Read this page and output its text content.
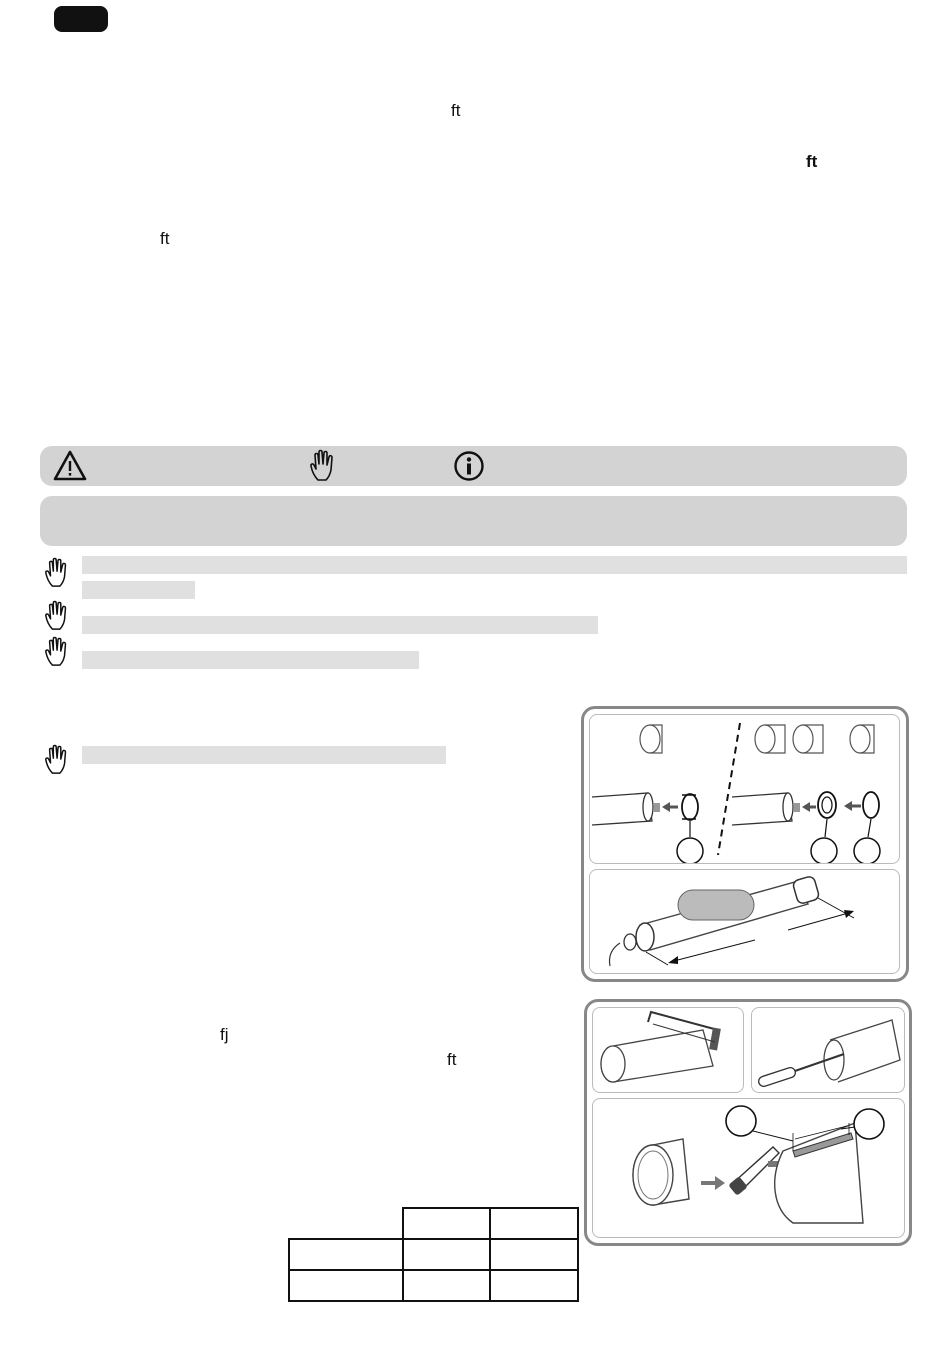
ft
ft
ft
fj
ft
